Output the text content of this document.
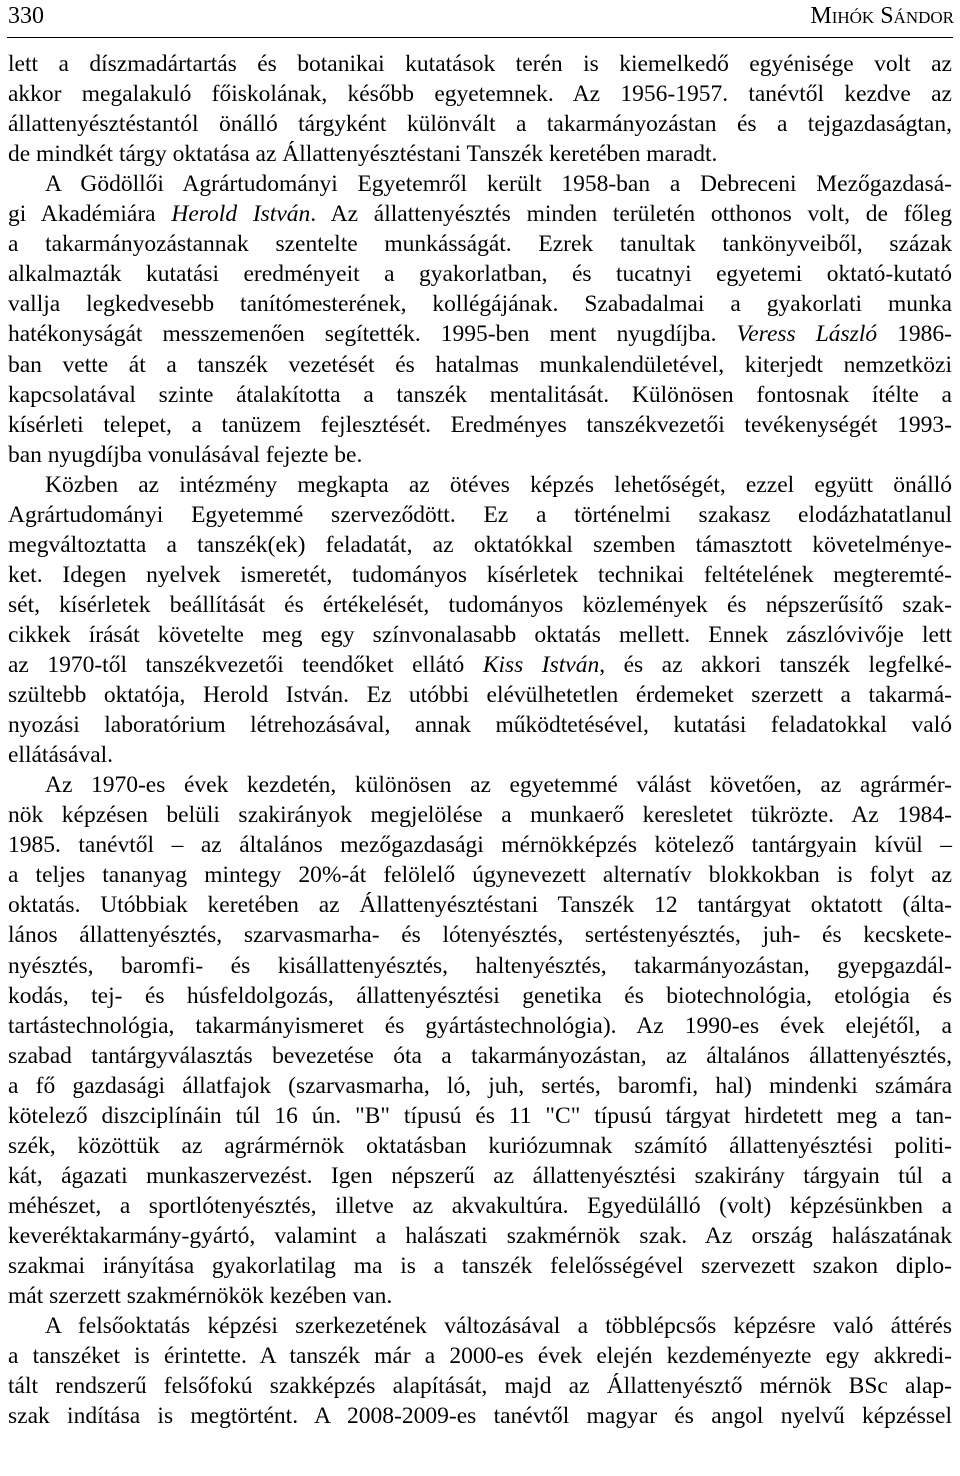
330	Mihók Sándor
lett a díszmadártartás és botanikai kutatások terén is kiemelkedő egyénisége volt az
akkor megalakuló főiskolának, később egyetemnek. Az 1956-1957. tanévtől kezdve az
állattenyésztéstantól önálló tárgyként különvált a takarmányozástan és a tejgazdaságtan,
de mindkét tárgy oktatása az Állattenyésztéstani Tanszék keretében maradt.
A Gödöllői Agrártudományi Egyetemről került 1958-ban a Debreceni Mezőgazdasá-
gi Akadémiára Herold István. Az állattenyésztés minden területén otthonos volt, de főleg
a takarmányozástannak szentelte munkásságát. Ezrek tanultak tankönyveiből, százak
alkalmazták kutatási eredményeit a gyakorlatban, és tucatnyi egyetemi oktató-kutató
vallja legkedvesebb tanítómesterének, kollégájának. Szabadalmai a gyakorlati munka
hatékonyságát messzemenően segítették. 1995-ben ment nyugdíjba. Veress László 1986-
ban vette át a tanszék vezetését és hatalmas munkalendületével, kiterjedt nemzetközi
kapcsolatával szinte átalakította a tanszék mentalitását. Különösen fontosnak ítélte a
kísérleti telepet, a tanüzem fejlesztését. Eredményes tanszékvezetői tevékenységét 1993-
ban nyugdíjba vonulásával fejezte be.
Közben az intézmény megkapta az ötéves képzés lehetőségét, ezzel együtt önálló
Agrártudományi Egyetemmé szerveződött. Ez a történelmi szakasz elodázhatatlanul
megváltoztatta a tanszék(ek) feladatát, az oktatókkal szemben támasztott követelménye-
ket. Idegen nyelvek ismeretét, tudományos kísérletek technikai feltételének megteremté-
sét, kísérletek beállítását és értékelését, tudományos közlemények és népszerűsítő szak-
cikkek írását követelte meg egy színvonalasabb oktatás mellett. Ennek zászlóvivője lett
az 1970-től tanszékvezetői teendőket ellátó Kiss István, és az akkori tanszék legfelké-
szültebb oktatója, Herold István. Ez utóbbi elévülhetetlen érdemeket szerzett a takarmá-
nyozási laboratórium létrehozásával, annak működtetésével, kutatási feladatokkal való
ellátásával.
Az 1970-es évek kezdetén, különösen az egyetemmé válást követően, az agrármér-
nök képzésen belüli szakirányok megjelölése a munkaerő keresletet tükrözte. Az 1984-
1985. tanévtől – az általános mezőgazdasági mérnökképzés kötelező tantárgyain kívül –
a teljes tananyag mintegy 20%-át felölelő úgynevezett alternatív blokkokban is folyt az
oktatás. Utóbbiak keretében az Állattenyésztéstani Tanszék 12 tantárgyat oktatott (álta-
lános állattenyésztés, szarvasmarha- és lótenyésztés, sertéstenyésztés, juh- és kecskete-
nyésztés, baromfi- és kisállattenyésztés, haltenyésztés, takarmányozástan, gyepgazdál-
kodás, tej- és húsfeldolgozás, állattenyésztési genetika és biotechnológia, etológia és
tartástechnológia, takarmányismeret és gyártástechnológia). Az 1990-es évek elejétől, a
szabad tantárgyválasztás bevezetése óta a takarmányozástan, az általános állattenyésztés,
a fő gazdasági állatfajok (szarvasmarha, ló, juh, sertés, baromfi, hal) mindenki számára
kötelező diszciplínáin túl 16 ún. "B" típusú és 11 "C" típusú tárgyat hirdetett meg a tan-
szék, közöttük az agrármérnök oktatásban kuriózumnak számító állattenyésztési politi-
kát, ágazati munkaszervezést. Igen népszerű az állattenyésztési szakirány tárgyain túl a
méhészet, a sportlótenyésztés, illetve az akvakultúra. Egyedülálló (volt) képzésünkben a
keveréktakarmány-gyártó, valamint a halászati szakmérnök szak. Az ország halászatának
szakmai irányítása gyakorlatilag ma is a tanszék felelősségével szervezett szakon diplo-
mát szerzett szakmérnökök kezében van.
A felsőoktatás képzési szerkezetének változásával a többlépcsős képzésre való áttérés
a tanszéket is érintette. A tanszék már a 2000-es évek elején kezdeményezte egy akkredi-
tált rendszerű felsőfokú szakképzés alapítását, majd az Állattenyésztő mérnök BSc alap-
szak indítása is megtörtént. A 2008-2009-es tanévtől magyar és angol nyelvű képzéssel
